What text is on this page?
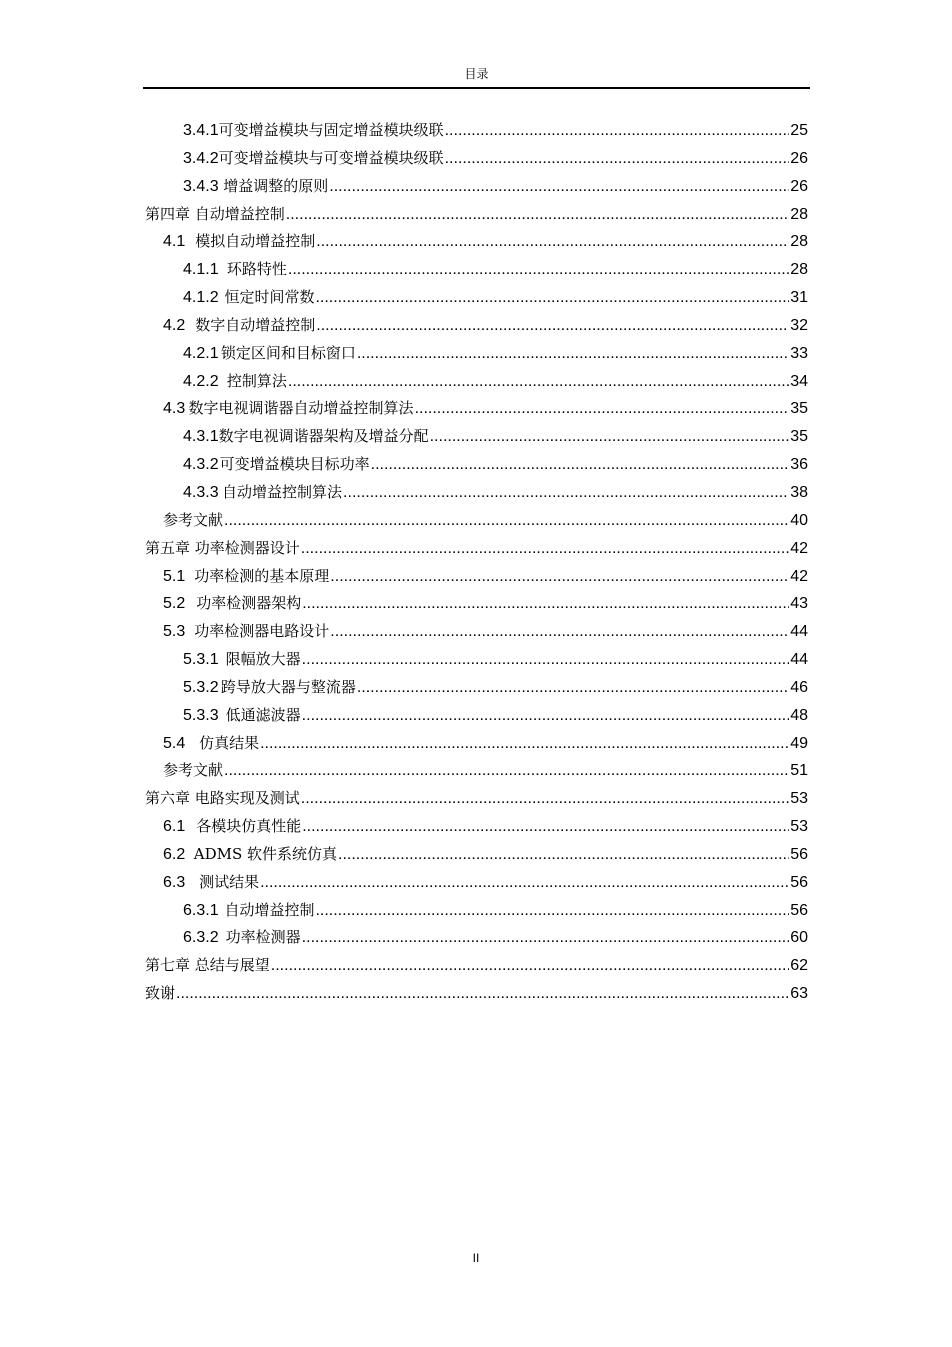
目录
3.4.1 可变增益模块与固定增益模块级联 .....	25
3.4.2 可变增益模块与可变增益模块级联 .....	26
3.4.3 增益调整的原则 .....	26
第四章 自动增益控制 .....	28
4.1 模拟自动增益控制 .....	28
4.1.1 环路特性 .....	28
4.1.2 恒定时间常数 .....	31
4.2 数字自动增益控制 .....	32
4.2.1 锁定区间和目标窗口 .....	33
4.2.2 控制算法 .....	34
4.3 数字电视调谐器自动增益控制算法 .....	35
4.3.1 数字电视调谐器架构及增益分配 .....	35
4.3.2 可变增益模块目标功率 .....	36
4.3.3 自动增益控制算法 .....	38
参考文献 .....	40
第五章 功率检测器设计 .....	42
5.1 功率检测的基本原理 .....	42
5.2 功率检测器架构 .....	43
5.3 功率检测器电路设计 .....	44
5.3.1 限幅放大器 .....	44
5.3.2 跨导放大器与整流器 .....	46
5.3.3 低通滤波器 .....	48
5.4 仿真结果 .....	49
参考文献 .....	51
第六章 电路实现及测试 .....	53
6.1 各模块仿真性能 .....	53
6.2 ADMS 软件系统仿真 .....	56
6.3 测试结果 .....	56
6.3.1 自动增益控制 .....	56
6.3.2 功率检测器 .....	60
第七章 总结与展望 .....	62
致谢 .....	63
II
